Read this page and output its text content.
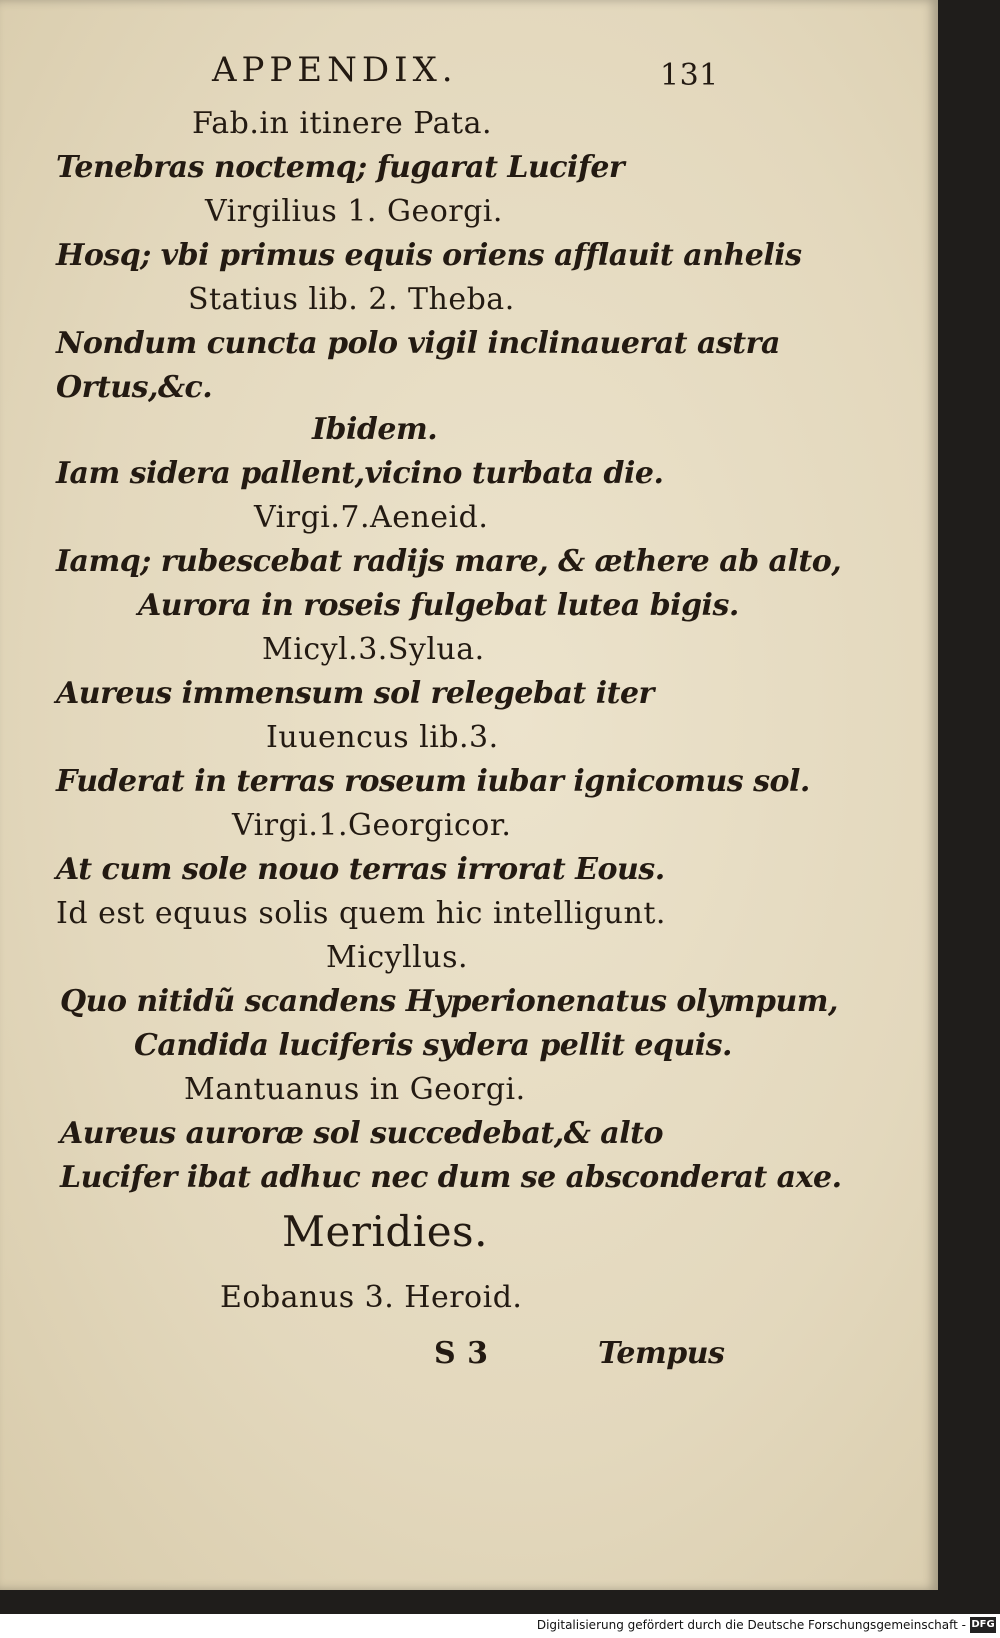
APPENDIX.	131
Fab.in itinere Pata.
Tenebras noctemq; fugarat Lucifer
Virgilius 1. Georgi.
Hosq; vbi primus equis oriens afflauit anhelis
Statius lib. 2. Theba.
Nondum cuncta polo vigil inclinauerat astra
Ortus,&c.
Ibidem.
Iam sidera pallent,vicino turbata die.
Virgi.7.Aeneid.
Iamq; rubescebat radijs mare, & æthere ab alto,
Aurora in roseis fulgebat lutea bigis.
Micyl.3.Sylua.
Aureus immensum sol relegebat iter
Iuuencus lib.3.
Fuderat in terras roseum iubar ignicomus sol.
Virgi.1.Georgicor.
At cum sole nouo terras irrorat Eous.
Id est equus solis quem hic intelligunt.
Micyllus.
Quo nitidũ scandens Hyperionenatus olympum,
Candida luciferis sydera pellit equis.
Mantuanus in Georgi.
Aureus auroræ sol succedebat,& alto
Lucifer ibat adhuc nec dum se absconderat axe.
Meridies.
Eobanus 3. Heroid.
S 3	Tempus
Digitalisierung gefördert durch die Deutsche Forschungsgemeinschaft - DFG
